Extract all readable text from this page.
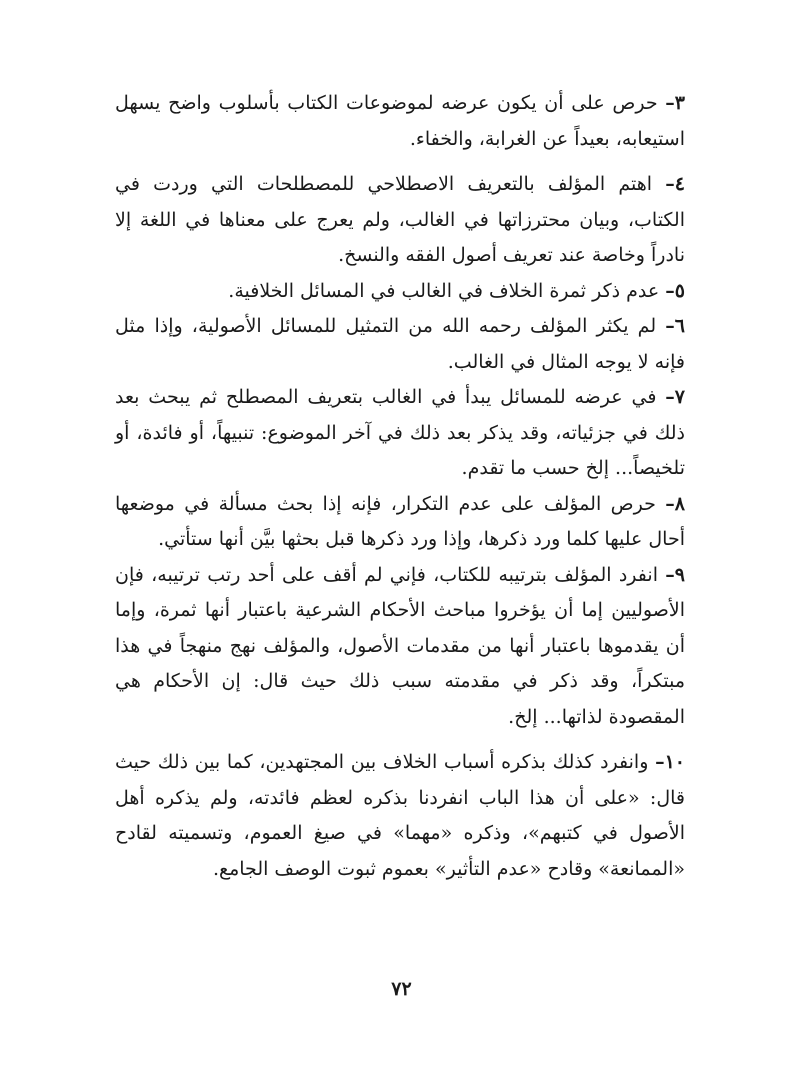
٣– حرص على أن يكون عرضه لموضوعات الكتاب بأسلوب واضح يسهل استيعابه، بعيداً عن الغرابة، والخفاء.

٤– اهتم المؤلف بالتعريف الاصطلاحي للمصطلحات التي وردت في الكتاب، وبيان محترزاتها في الغالب، ولم يعرج على معناها في اللغة إلا نادراً وخاصة عند تعريف أصول الفقه والنسخ.

٥– عدم ذكر ثمرة الخلاف في الغالب في المسائل الخلافية.

٦– لم يكثر المؤلف رحمه الله من التمثيل للمسائل الأصولية، وإذا مثل فإنه لا يوجه المثال في الغالب.

٧– في عرضه للمسائل يبدأ في الغالب بتعريف المصطلح ثم يبحث بعد ذلك في جزئياته، وقد يذكر بعد ذلك في آخر الموضوع: تنبيهاً، أو فائدة، أو تلخيصاً... إلخ حسب ما تقدم.

٨– حرص المؤلف على عدم التكرار، فإنه إذا بحث مسألة في موضعها أحال عليها كلما ورد ذكرها، وإذا ورد ذكرها قبل بحثها بيَّن أنها ستأتي.

٩– انفرد المؤلف بترتيبه للكتاب، فإني لم أقف على أحد رتب ترتيبه، فإن الأصوليين إما أن يؤخروا مباحث الأحكام الشرعية باعتبار أنها ثمرة، وإما أن يقدموها باعتبار أنها من مقدمات الأصول، والمؤلف نهج منهجاً في هذا مبتكراً، وقد ذكر في مقدمته سبب ذلك حيث قال: إن الأحكام هي المقصودة لذاتها... إلخ.

١٠– وانفرد كذلك بذكره أسباب الخلاف بين المجتهدين، كما بين ذلك حيث قال: «على أن هذا الباب انفردنا بذكره لعظم فائدته، ولم يذكره أهل الأصول في كتبهم»، وذكره «مهما» في صيغ العموم، وتسميته لقادح «الممانعة» وقادح «عدم التأثير» بعموم ثبوت الوصف الجامع.

٧٢
